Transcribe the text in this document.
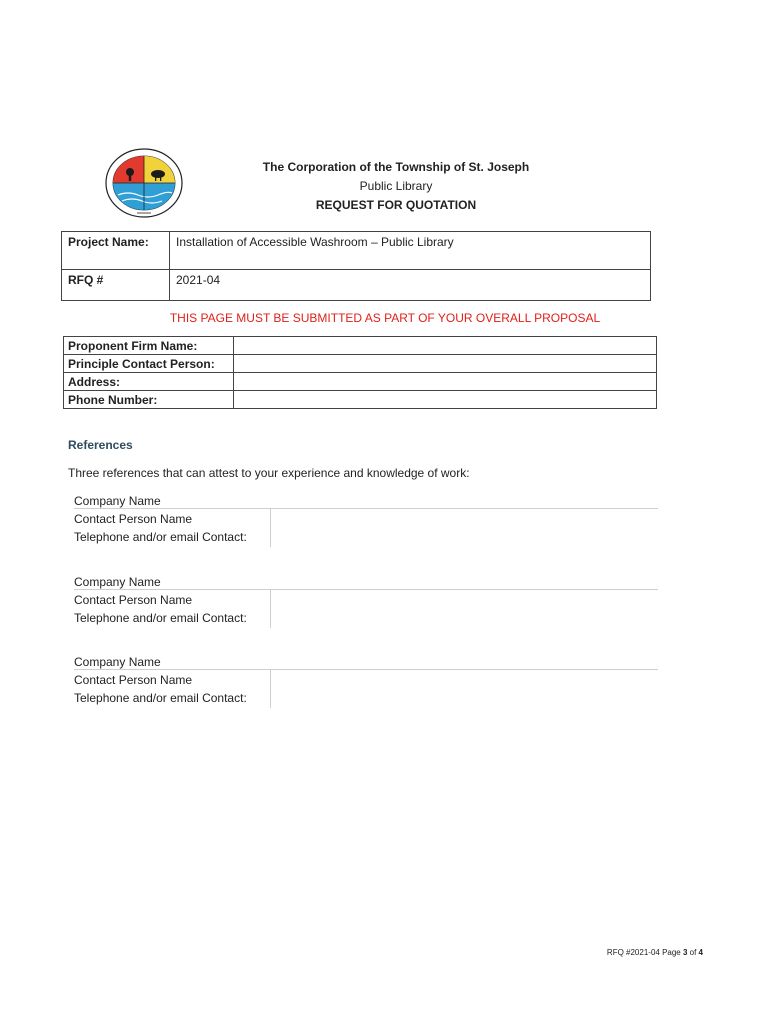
The Corporation of the Township of St. Joseph
Public Library
REQUEST FOR QUOTATION
Project Name:	Installation of Accessible Washroom – Public Library
RFQ #	2021-04
THIS PAGE MUST BE SUBMITTED AS PART OF YOUR OVERALL PROPOSAL
Proponent Firm Name:	
Principle Contact Person:	
Address:	
Phone Number:	
References
Three references that can attest to your experience and knowledge of work:
Company Name
Contact Person Name
Telephone and/or email Contact:
Company Name
Contact Person Name
Telephone and/or email Contact:
Company Name
Contact Person Name
Telephone and/or email Contact:
RFQ #2021-04 Page 3 of 4
